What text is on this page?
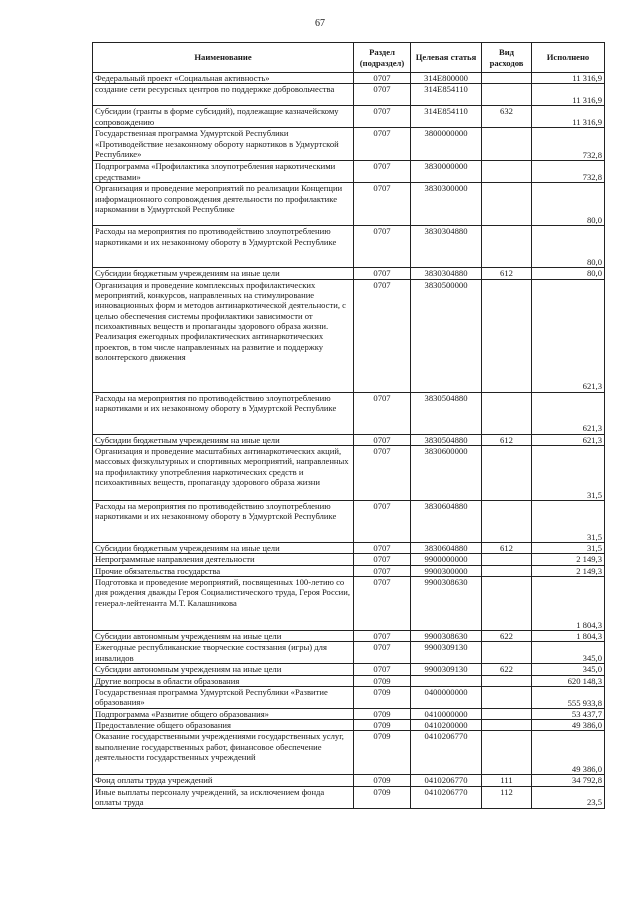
67
Наименование	Раздел (подраздел)	Целевая статья	Вид расходов	Исполнено
Федеральный проект «Социальная активность»	0707	314E800000		11 316,9
создание сети ресурсных центров по поддержке добровольчества	0707	314E854110		11 316,9
Субсидии (гранты в форме субсидий), подлежащие казначейскому сопровождению	0707	314E854110	632	11 316,9
Государственная программа Удмуртской Республики «Противодействие незаконному обороту наркотиков в Удмуртской Республике»	0707	3800000000		732,8
Подпрограмма «Профилактика злоупотребления наркотическими средствами»	0707	3830000000		732,8
Организация и проведение мероприятий по реализации Концепции информационного сопровождения деятельности по профилактике наркомании в Удмуртской Республике	0707	3830300000		80,0
Расходы на мероприятия по противодействию злоупотреблению наркотиками и их незаконному обороту в Удмуртской Республике	0707	3830304880		80,0
Субсидии бюджетным учреждениям на иные цели	0707	3830304880	612	80,0
Организация и проведение комплексных профилактических мероприятий, конкурсов, направленных на стимулирование инновационных форм и методов антинаркотической деятельности, с целью обеспечения системы профилактики зависимости от психоактивных веществ и пропаганды здорового образа жизни. Реализация ежегодных профилактических антинаркотических проектов, в том числе направленных на развитие и поддержку волонтерского движения	0707	3830500000		621,3
Расходы на мероприятия по противодействию злоупотреблению наркотиками и их незаконному обороту в Удмуртской Республике	0707	3830504880		621,3
Субсидии бюджетным учреждениям на иные цели	0707	3830504880	612	621,3
Организация и проведение масштабных антинаркотических акций, массовых физкультурных и спортивных мероприятий, направленных на профилактику употребления наркотических средств и психоактивных веществ, пропаганду здорового образа жизни	0707	3830600000		31,5
Расходы на мероприятия по противодействию злоупотреблению наркотиками и их незаконному обороту в Удмуртской Республике	0707	3830604880		31,5
Субсидии бюджетным учреждениям на иные цели	0707	3830604880	612	31,5
Непрограммные направления деятельности	0707	9900000000		2 149,3
Прочие обязательства государства	0707	9900300000		2 149,3
Подготовка и проведение мероприятий, посвященных 100-летию со дня рождения дважды Героя Социалистического труда, Героя России, генерал-лейтенанта М.Т. Калашникова	0707	9900308630		1 804,3
Субсидии автономным учреждениям на иные цели	0707	9900308630	622	1 804,3
Ежегодные республиканские творческие состязания (игры) для инвалидов	0707	9900309130		345,0
Субсидии автономным учреждениям на иные цели	0707	9900309130	622	345,0
Другие вопросы в области образования	0709			620 148,3
Государственная программа Удмуртской Республики «Развитие образования»	0709	0400000000		555 933,8
Подпрограмма «Развитие общего образования»	0709	0410000000		53 437,7
Предоставление общего образования	0709	0410200000		49 386,0
Оказание государственными учреждениями государственных услуг, выполнение государственных работ, финансовое обеспечение деятельности государственных учреждений	0709	0410206770		49 386,0
Фонд оплаты труда учреждений	0709	0410206770	111	34 792,8
Иные выплаты персоналу учреждений, за исключением фонда оплаты труда	0709	0410206770	112	23,5
